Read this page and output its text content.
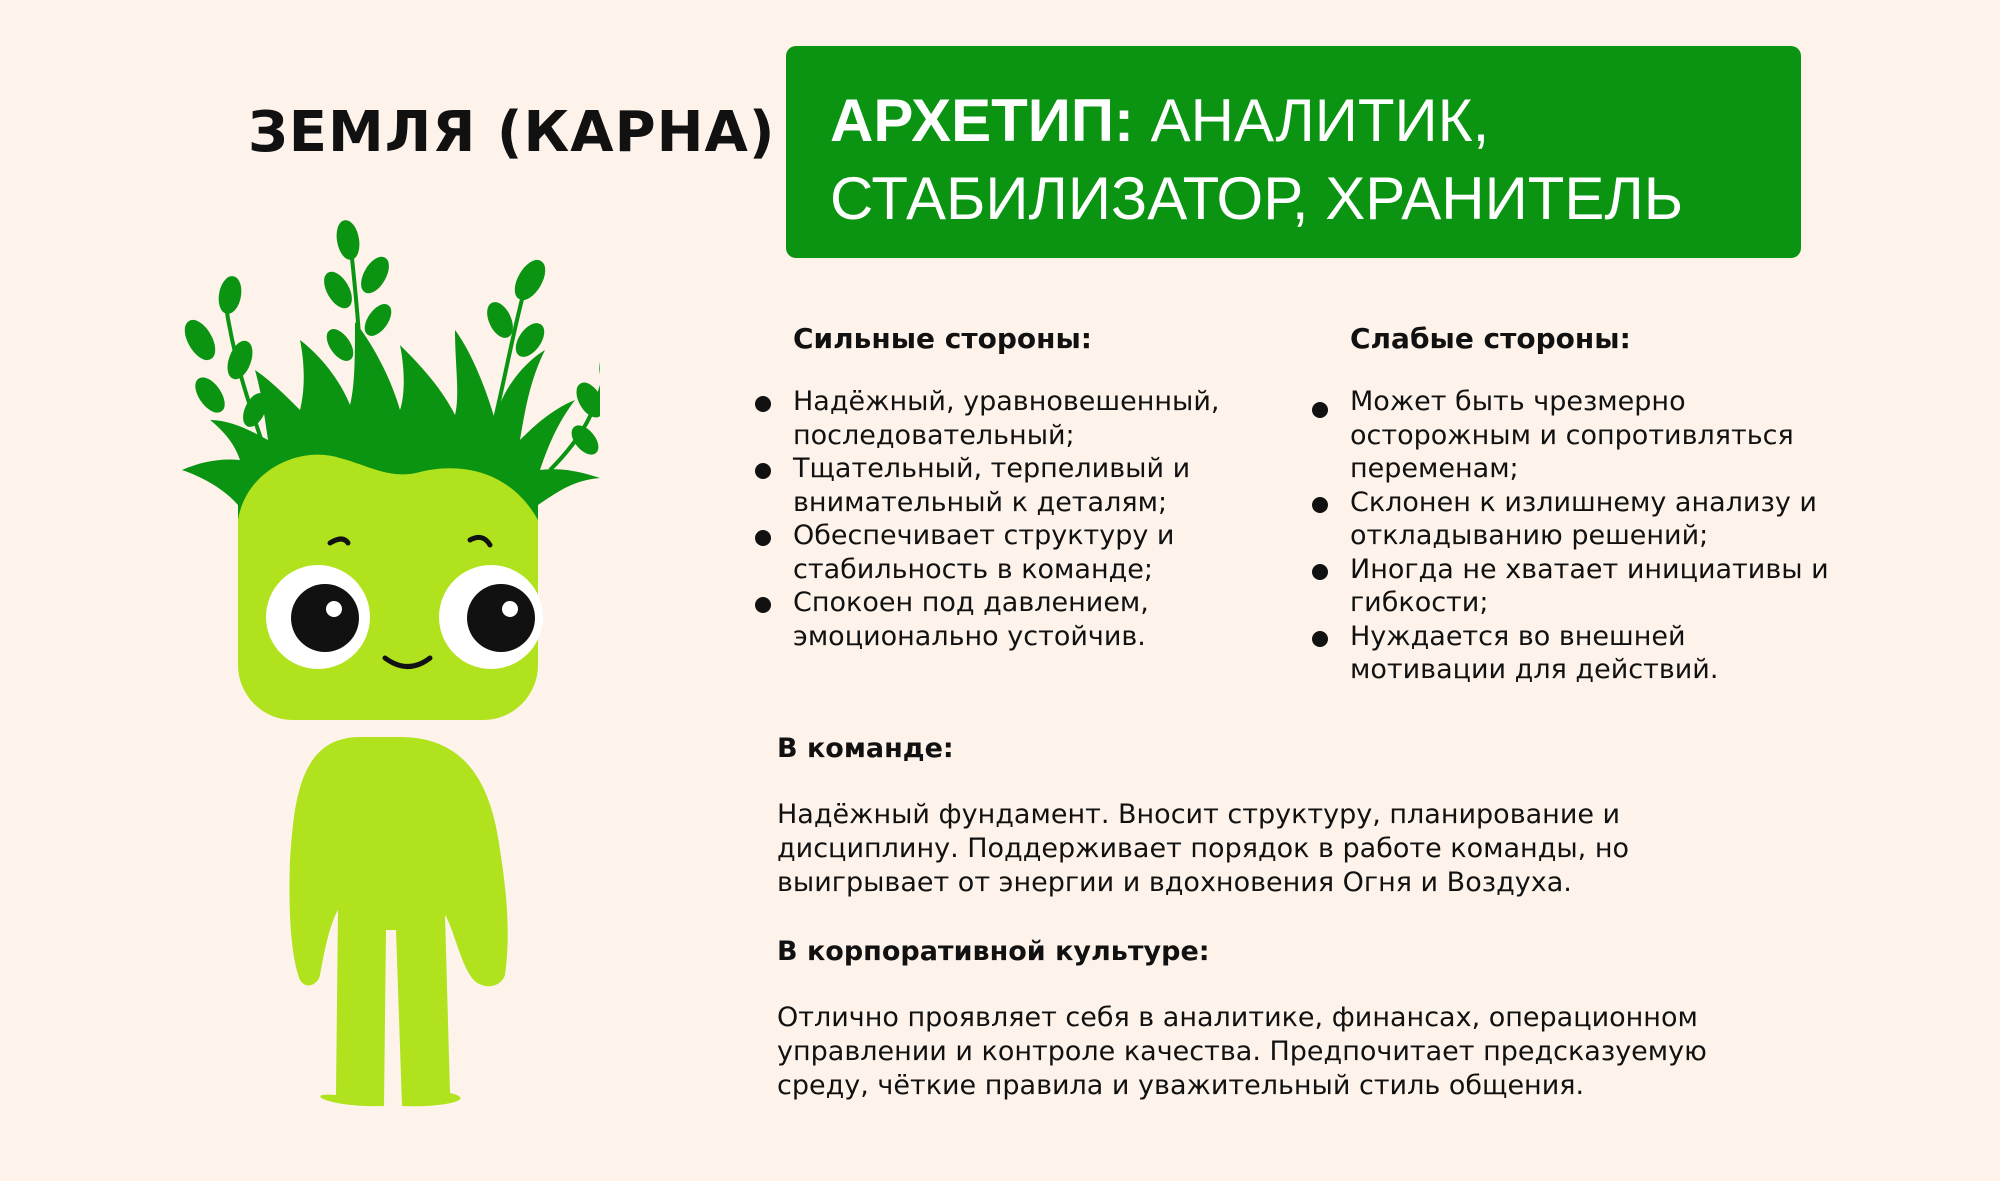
ЗЕМЛЯ (КАРНА) АРХЕТИП: АНАЛИТИК,
СТАБИЛИЗАТОР, ХРАНИТЕЛЬ
Сильные стороны:
Надёжный, уравновешенный, последовательный;
Тщательный, терпеливый и внимательный к деталям;
Обеспечивает структуру и стабильность в команде;
Спокоен под давлением, эмоционально устойчив.
Слабые стороны:
Может быть чрезмерно осторожным и сопротивляться переменам;
Склонен к излишнему анализу и откладыванию решений;
Иногда не хватает инициативы и гибкости;
Нуждается во внешней мотивации для действий.
В команде:

Надёжный фундамент. Вносит структуру, планирование и дисциплину. Поддерживает порядок в работе команды, но выигрывает от энергии и вдохновения Огня и Воздуха.

В корпоративной культуре:

Отлично проявляет себя в аналитике, финансах, операционном управлении и контроле качества. Предпочитает предсказуемую среду, чёткие правила и уважительный стиль общения.
